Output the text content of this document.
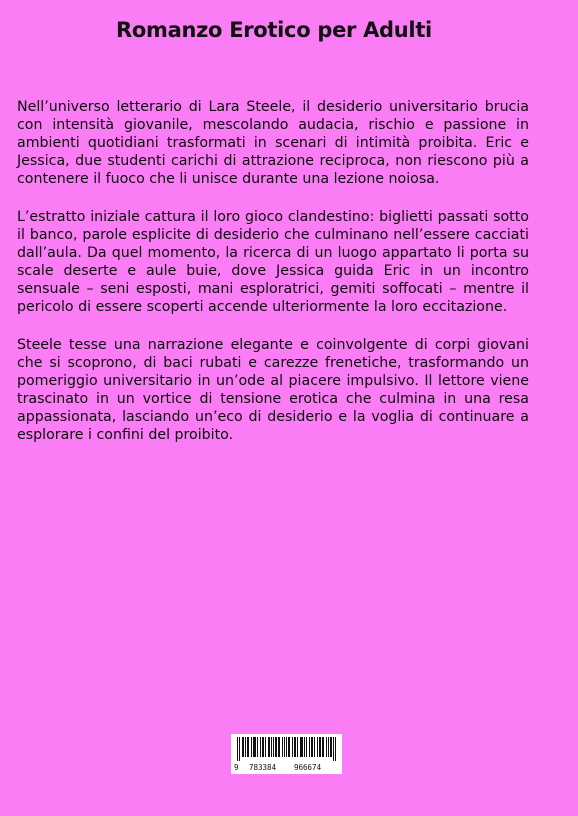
Romanzo Erotico per Adulti

Nell’universo letterario di Lara Steele, il desiderio universitario brucia con intensità giovanile, mescolando audacia, rischio e passione in ambienti quotidiani trasformati in scenari di intimità proibita. Eric e Jessica, due studenti carichi di attrazione reciproca, non riescono più a contenere il fuoco che li unisce durante una lezione noiosa.

L’estratto iniziale cattura il loro gioco clandestino: biglietti passati sotto il banco, parole esplicite di desiderio che culminano nell’essere cacciati dall’aula. Da quel momento, la ricerca di un luogo appartato li porta su scale deserte e aule buie, dove Jessica guida Eric in un incontro sensuale – seni esposti, mani esploratrici, gemiti soffocati – mentre il pericolo di essere scoperti accende ulteriormente la loro eccitazione.

Steele tesse una narrazione elegante e coinvolgente di corpi giovani che si scoprono, di baci rubati e carezze frenetiche, trasformando un pomeriggio universitario in un’ode al piacere impulsivo. Il lettore viene trascinato in un vortice di tensione erotica che culmina in una resa appassionata, lasciando un’eco di desiderio e la voglia di continuare a esplorare i confini del proibito.

9

783384

966674
